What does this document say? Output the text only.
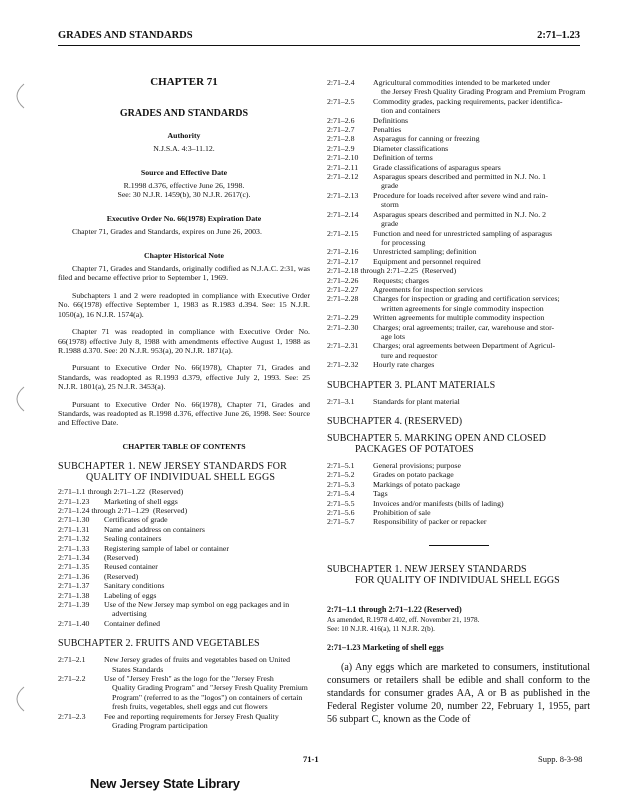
GRADES AND STANDARDS	2:71–1.23

CHAPTER 71

GRADES AND STANDARDS

Authority

N.J.S.A. 4:3–11.12.

Source and Effective Date

R.1998 d.376, effective June 26, 1998.

See: 30 N.J.R. 1459(b), 30 N.J.R. 2617(c).

Executive Order No. 66(1978) Expiration Date

Chapter 71, Grades and Standards, expires on June 26, 2003.

Chapter Historical Note

Chapter 71, Grades and Standards, originally codified as N.J.A.C. 2:31, was filed and became effective prior to September 1, 1969.

Subchapters 1 and 2 were readopted in compliance with Executive Order No. 66(1978) effective September 1, 1983 as R.1983 d.394. See: 15 N.J.R. 1050(a), 16 N.J.R. 1574(a).

Chapter 71 was readopted in compliance with Executive Order No. 66(1978) effective July 8, 1988 with amendments effective August 1, 1988 as R.1988 d.370. See: 20 N.J.R. 953(a), 20 N.J.R. 1871(a).

Pursuant to Executive Order No. 66(1978), Chapter 71, Grades and Standards, was readopted as R.1993 d.379, effective July 2, 1993. See: 25 N.J.R. 1801(a), 25 N.J.R. 3453(a).

Pursuant to Executive Order No. 66(1978), Chapter 71, Grades and Standards, was readopted as R.1998 d.376, effective June 26, 1998. See: Source and Effective Date.

CHAPTER TABLE OF CONTENTS

SUBCHAPTER 1. NEW JERSEY STANDARDS FOR

QUALITY OF INDIVIDUAL SHELL EGGS

2:71–1.1 through 2:71–1.22 (Reserved)
2:71–1.23	Marketing of shell eggs
2:71–1.24 through 2:71–1.29 (Reserved)
2:71–1.30	Certificates of grade
2:71–1.31	Name and address on containers
2:71–1.32	Sealing containers
2:71–1.33	Registering sample of label or container
2:71–1.34	(Reserved)
2:71–1.35	Reused container
2:71–1.36	(Reserved)
2:71–1.37	Sanitary conditions
2:71–1.38	Labeling of eggs
2:71–1.39	Use of the New Jersey map symbol on egg packages and in
advertising
2:71–1.40	Container defined

SUBCHAPTER 2. FRUITS AND VEGETABLES

2:71–2.1	New Jersey grades of fruits and vegetables based on United
States Standards
2:71–2.2	Use of "Jersey Fresh" as the logo for the "Jersey Fresh
Quality Grading Program" and "Jersey Fresh Quality Premium Program" (referred to as the "logos") on containers of certain fresh fruits, vegetables, shell eggs and cut flowers
2:71–2.3	Fee and reporting requirements for Jersey Fresh Quality
Grading Program participation
2:71–2.4	Agricultural commodities intended to be marketed under
the Jersey Fresh Quality Grading Program and Premium Program
2:71–2.5	Commodity grades, packing requirements, packer identifica-
tion and containers
2:71–2.6	Definitions
2:71–2.7	Penalties
2:71–2.8	Asparagus for canning or freezing
2:71–2.9	Diameter classifications
2:71–2.10	Definition of terms
2:71–2.11	Grade classifications of asparagus spears
2:71–2.12	Asparagus spears described and permitted in N.J. No. 1
grade
2:71–2.13	Procedure for loads received after severe wind and rain-
storm
2:71–2.14	Asparagus spears described and permitted in N.J. No. 2
grade
2:71–2.15	Function and need for unrestricted sampling of asparagus
for processing
2:71–2.16	Unrestricted sampling; definition
2:71–2.17	Equipment and personnel required
2:71–2.18 through 2:71–2.25 (Reserved)
2:71–2.26	Requests; charges
2:71–2.27	Agreements for inspection services
2:71–2.28	Charges for inspection or grading and certification services;
written agreements for single commodity inspection
2:71–2.29	Written agreements for multiple commodity inspection
2:71–2.30	Charges; oral agreements; trailer, car, warehouse and stor-
age lots
2:71–2.31	Charges; oral agreements between Department of Agricul-
ture and requestor
2:71–2.32	Hourly rate charges

SUBCHAPTER 3. PLANT MATERIALS

2:71–3.1	Standards for plant material

SUBCHAPTER 4. (RESERVED)

SUBCHAPTER 5. MARKING OPEN AND CLOSED

PACKAGES OF POTATOES

2:71–5.1	General provisions; purpose
2:71–5.2	Grades on potato package
2:71–5.3	Markings of potato package
2:71–5.4	Tags
2:71–5.5	Invoices and/or manifests (bills of lading)
2:71–5.6	Prohibition of sale
2:71–5.7	Responsibility of packer or repacker
SUBCHAPTER 1. NEW JERSEY STANDARDS
FOR QUALITY OF INDIVIDUAL SHELL EGGS

2:71–1.1 through 2:71–1.22 (Reserved)

As amended, R.1978 d.402, eff. November 21, 1978.

See: 10 N.J.R. 416(a), 11 N.J.R. 2(b).

2:71–1.23 Marketing of shell eggs

(a) Any eggs which are marketed to consumers, institutional consumers or retailers shall be edible and shall conform to the standards for consumer grades AA, A or B as published in the Federal Register volume 20, number 22, February 1, 1955, part 56 subpart C, known as the Code of

71-1	Supp. 8-3-98
New Jersey State Library
